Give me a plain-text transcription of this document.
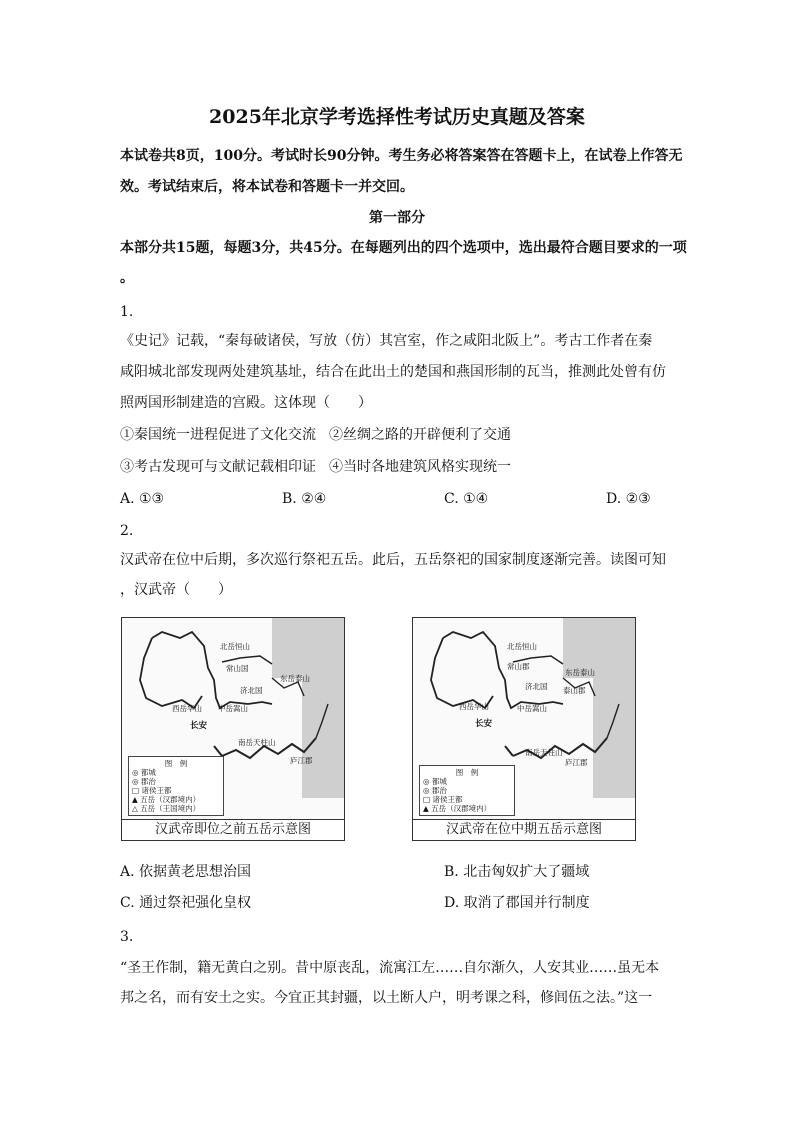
2025年北京学考选择性考试历史真题及答案
本试卷共8页，100分。考试时长90分钟。考生务必将答案答在答题卡上，在试卷上作答无
效。考试结束后，将本试卷和答题卡一并交回。
第一部分
本部分共15题，每题3分，共45分。在每题列出的四个选项中，选出最符合题目要求的一项
。
1.
《史记》记载，“秦每破诸侯，写放（仿）其宫室，作之咸阳北阪上”。考古工作者在秦
咸阳城北部发现两处建筑基址，结合在此出土的楚国和燕国形制的瓦当，推测此处曾有仿
照两国形制建造的宫殿。这体现（　　）
①秦国统一进程促进了文化交流 ②丝绸之路的开辟便利了交通
③考古发现可与文献记载相印证 ④当时各地建筑风格实现统一
A. ①③	B. ②④	C. ①④	D. ②③
2.
汉武帝在位中后期，多次巡行祭祀五岳。此后，五岳祭祀的国家制度逐渐完善。读图可知
，汉武帝（　　）
北岳恒山
常山国
东岳泰山
济北国
西岳华山 中岳嵩山
长安
南岳天柱山
庐江郡
图　例
◎ 都城
◎ 郡治
□ 诸侯王都
▲ 五岳（汉郡境内）
△ 五岳（王国境内）
汉武帝即位之前五岳示意图
北岳恒山
常山郡
东岳泰山
济北国 泰山郡
西岳华山	中岳嵩山
长安
南岳天柱山
庐江郡
图　例
◎ 都城
◎ 郡治
□ 诸侯王都
▲ 五岳（汉郡境内）
汉武帝在位中期五岳示意图
A. 依据黄老思想治国	B. 北击匈奴扩大了疆域
C. 通过祭祀强化皇权	D. 取消了郡国并行制度
3.
“圣王作制，籍无黄白之别。昔中原丧乱，流寓江左……自尔渐久，人安其业……虽无本
邦之名，而有安土之实。今宜正其封疆，以土断人户，明考课之科，修闾伍之法。”这一
